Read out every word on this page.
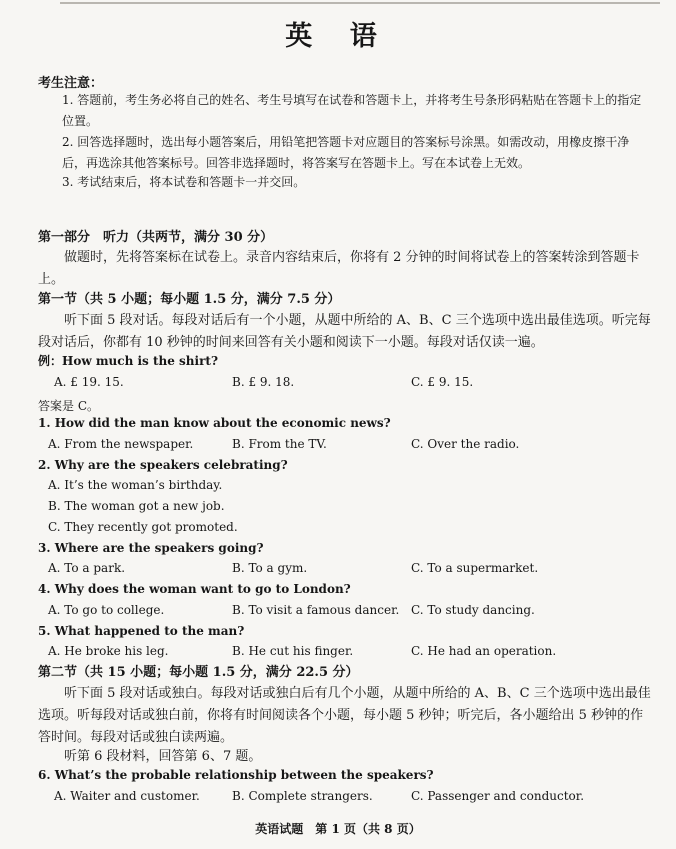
英 语
考生注意：
1. 答题前，考生务必将自己的姓名、考生号填写在试卷和答题卡上，并将考生号条形码粘贴在答题卡上的指定位置。
2. 回答选择题时，选出每小题答案后，用铅笔把答题卡对应题目的答案标号涂黑。如需改动，用橡皮擦干净后，再选涂其他答案标号。回答非选择题时，将答案写在答题卡上。写在本试卷上无效。
3. 考试结束后，将本试卷和答题卡一并交回。
第一部分　听力（共两节，满分 30 分）
做题时，先将答案标在试卷上。录音内容结束后，你将有 2 分钟的时间将试卷上的答案转涂到答题卡上。
第一节（共 5 小题；每小题 1.5 分，满分 7.5 分）
听下面 5 段对话。每段对话后有一个小题，从题中所给的 A、B、C 三个选项中选出最佳选项。听完每段对话后，你都有 10 秒钟的时间来回答有关小题和阅读下一小题。每段对话仅读一遍。
例：How much is the shirt?
A. £ 19. 15.	B. £ 9. 18.	C. £ 9. 15.
答案是 C。
1. How did the man know about the economic news?
A. From the newspaper.	B. From the TV.	C. Over the radio.
2. Why are the speakers celebrating?
A. It’s the woman’s birthday.
B. The woman got a new job.
C. They recently got promoted.
3. Where are the speakers going?
A. To a park.	B. To a gym.	C. To a supermarket.
4. Why does the woman want to go to London?
A. To go to college.	B. To visit a famous dancer. C. To study dancing.
5. What happened to the man?
A. He broke his leg.	B. He cut his finger.	C. He had an operation.
第二节（共 15 小题；每小题 1.5 分，满分 22.5 分）
听下面 5 段对话或独白。每段对话或独白后有几个小题，从题中所给的 A、B、C 三个选项中选出最佳选项。听每段对话或独白前，你将有时间阅读各个小题，每小题 5 秒钟；听完后，各小题给出 5 秒钟的作答时间。每段对话或独白读两遍。
听第 6 段材料，回答第 6、7 题。
6. What’s the probable relationship between the speakers?
A. Waiter and customer.	B. Complete strangers.	C. Passenger and conductor.
英语试题　第 1 页（共 8 页）
